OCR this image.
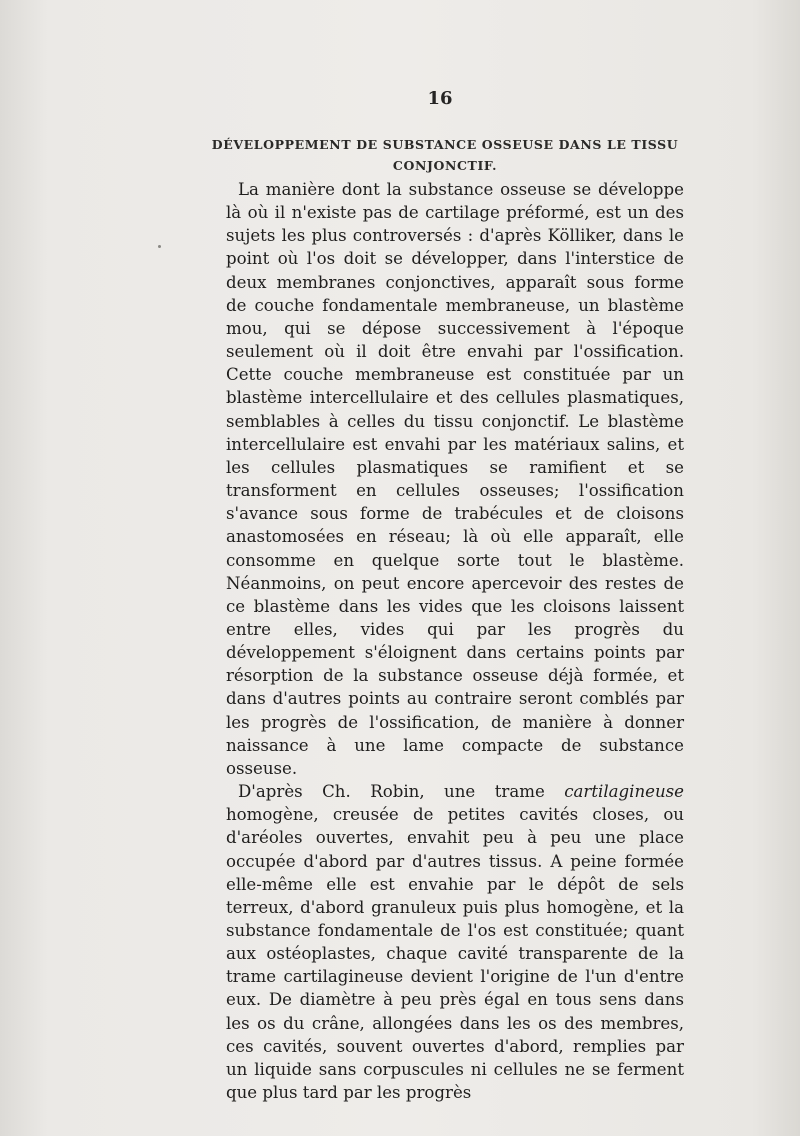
16
DÉVELOPPEMENT DE SUBSTANCE OSSEUSE DANS LE TISSU CONJONCTIF.

La manière dont la substance osseuse se développe là où il n'existe pas de cartilage préformé, est un des sujets les plus controversés : d'après Kölliker, dans le point où l'os doit se développer, dans l'interstice de deux membranes conjonctives, apparaît sous forme de couche fondamentale membraneuse, un blastème mou, qui se dépose successivement à l'époque seulement où il doit être envahi par l'ossification. Cette couche membraneuse est constituée par un blastème intercellulaire et des cellules plasmatiques, semblables à celles du tissu conjonctif. Le blastème intercellulaire est envahi par les matériaux salins, et les cellules plasmatiques se ramifient et se transforment en cellules osseuses; l'ossification s'avance sous forme de trabécules et de cloisons anastomosées en réseau; là où elle apparaît, elle consomme en quelque sorte tout le blastème. Néanmoins, on peut encore apercevoir des restes de ce blastème dans les vides que les cloisons laissent entre elles, vides qui par les progrès du développement s'éloignent dans certains points par résorption de la substance osseuse déjà formée, et dans d'autres points au contraire seront comblés par les progrès de l'ossification, de manière à donner naissance à une lame compacte de substance osseuse.

D'après Ch. Robin, une trame cartilagineuse homogène, creusée de petites cavités closes, ou d'aréoles ouvertes, envahit peu à peu une place occupée d'abord par d'autres tissus. A peine formée elle-même elle est envahie par le dépôt de sels terreux, d'abord granuleux puis plus homogène, et la substance fondamentale de l'os est constituée; quant aux ostéoplastes, chaque cavité transparente de la trame cartilagineuse devient l'origine de l'un d'entre eux. De diamètre à peu près égal en tous sens dans les os du crâne, allongées dans les os des membres, ces cavités, souvent ouvertes d'abord, remplies par un liquide sans corpuscules ni cellules ne se ferment que plus tard par les progrès
